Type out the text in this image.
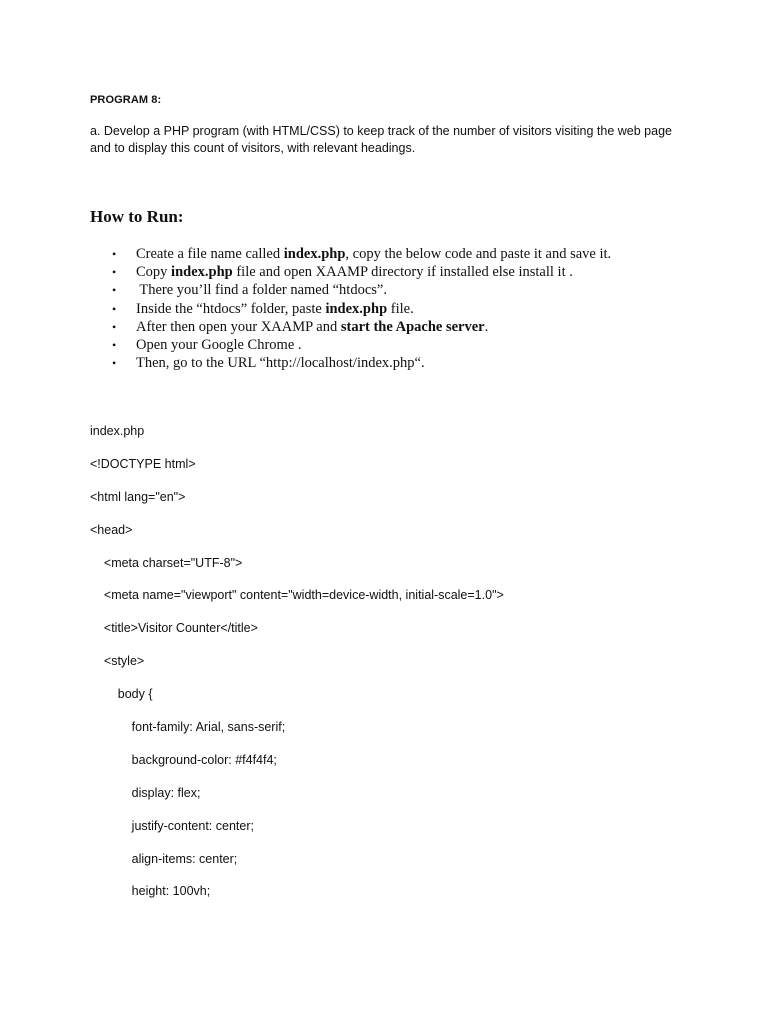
PROGRAM 8:
a. Develop a PHP program (with HTML/CSS) to keep track of the number of visitors visiting the web page and to display this count of visitors, with relevant headings.
How to Run:
• Create a file name called index.php, copy the below code and paste it and save it.
• Copy index.php file and open XAAMP directory if installed else install it .
• There you’ll find a folder named “htdocs”.
• Inside the “htdocs” folder, paste index.php file.
• After then open your XAAMP and start the Apache server.
• Open your Google Chrome .
• Then, go to the URL “http://localhost/index.php“.
index.php
<!DOCTYPE html>
<html lang="en">
<head>
<meta charset="UTF-8">
<meta name="viewport" content="width=device-width, initial-scale=1.0">
<title>Visitor Counter</title>
<style>
body {
font-family: Arial, sans-serif;
background-color: #f4f4f4;
display: flex;
justify-content: center;
align-items: center;
height: 100vh;
